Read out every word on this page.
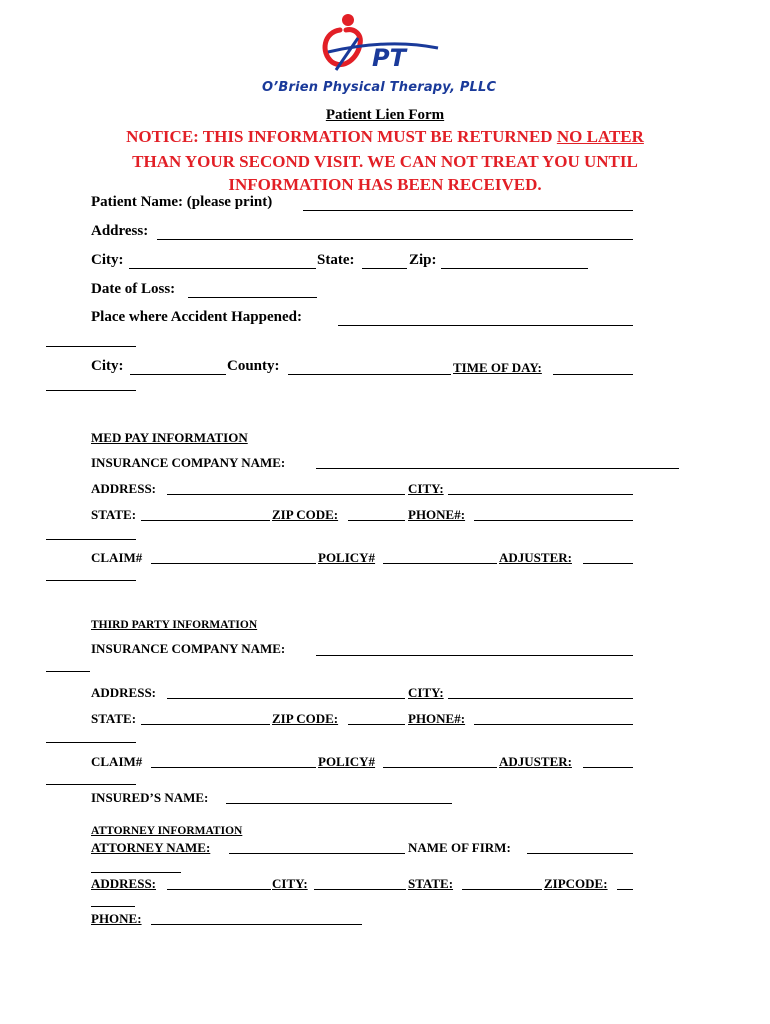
PT
O’Brien Physical Therapy, PLLC
Patient Lien Form
NOTICE: THIS INFORMATION MUST BE RETURNED NO LATER
THAN YOUR SECOND VISIT. WE CAN NOT TREAT YOU UNTIL
INFORMATION HAS BEEN RECEIVED.
Patient Name: (please print)
Address:
City:	State:	Zip:
Date of Loss:
Place where Accident Happened:
City:	County:	TIME OF DAY:
MED PAY INFORMATION
INSURANCE COMPANY NAME:
ADDRESS:	CITY:
STATE:	ZIP CODE:	PHONE#:
CLAIM#	POLICY#	ADJUSTER:
THIRD PARTY INFORMATION
INSURANCE COMPANY NAME:
ADDRESS:	CITY:
STATE:	ZIP CODE:	PHONE#:
CLAIM#	POLICY#	ADJUSTER:
INSURED’S NAME:
ATTORNEY INFORMATION
ATTORNEY NAME:	NAME OF FIRM:
ADDRESS:	CITY:	STATE:	ZIPCODE:
PHONE:
